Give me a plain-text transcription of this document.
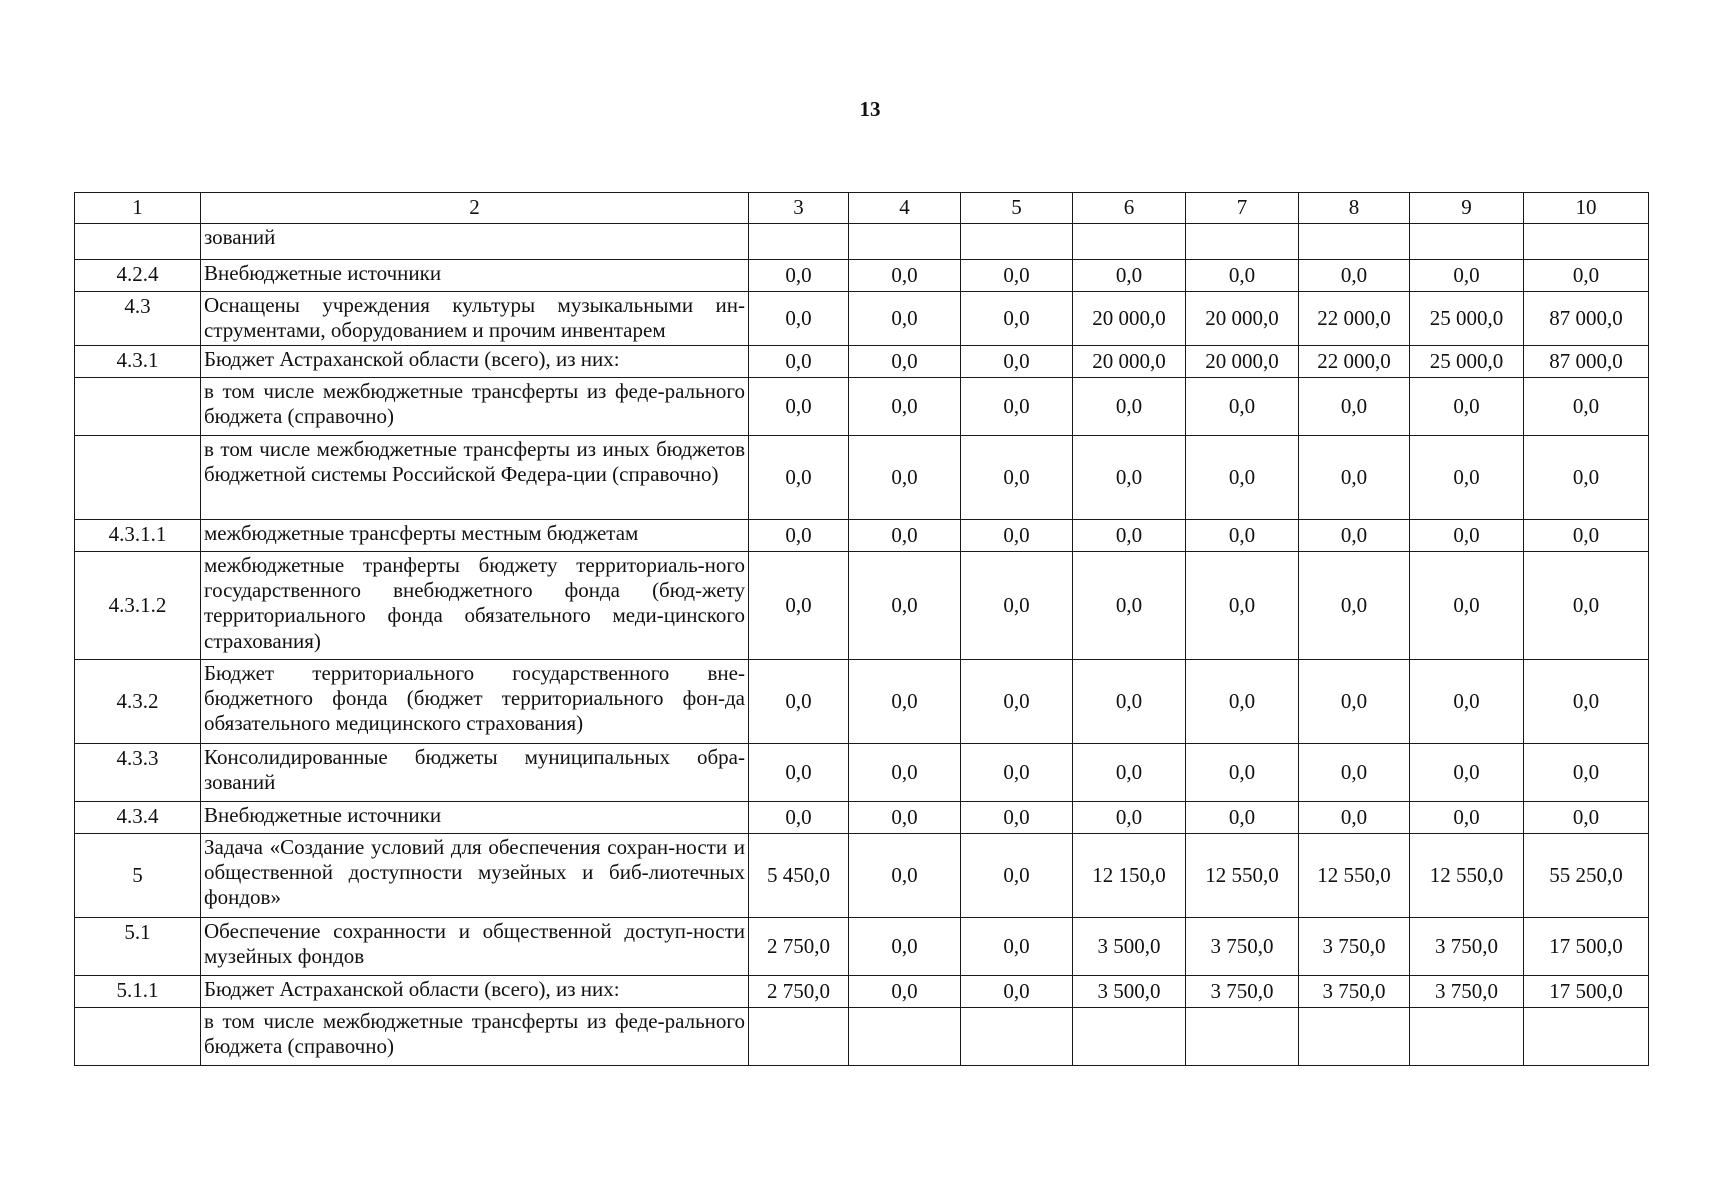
13
1	2	3	4	5	6	7	8	9	10
	зований								
4.2.4	Внебюджетные источники	0,0	0,0	0,0	0,0	0,0	0,0	0,0	0,0
4.3	Оснащены учреждения культуры музыкальными ин-струментами, оборудованием и прочим инвентарем	0,0	0,0	0,0	20 000,0	20 000,0	22 000,0	25 000,0	87 000,0
4.3.1	Бюджет Астраханской области (всего), из них:	0,0	0,0	0,0	20 000,0	20 000,0	22 000,0	25 000,0	87 000,0
	в том числе межбюджетные трансферты из феде-рального бюджета (справочно)	0,0	0,0	0,0	0,0	0,0	0,0	0,0	0,0
	в том числе межбюджетные трансферты из иных бюджетов бюджетной системы Российской Федера-ции (справочно)	0,0	0,0	0,0	0,0	0,0	0,0	0,0	0,0
4.3.1.1	межбюджетные трансферты местным бюджетам	0,0	0,0	0,0	0,0	0,0	0,0	0,0	0,0
4.3.1.2	межбюджетные транферты бюджету территориаль-ного государственного внебюджетного фонда (бюд-жету территориального фонда обязательного меди-цинского страхования)	0,0	0,0	0,0	0,0	0,0	0,0	0,0	0,0
4.3.2	Бюджет территориального государственного вне-бюджетного фонда (бюджет территориального фон-да обязательного медицинского страхования)	0,0	0,0	0,0	0,0	0,0	0,0	0,0	0,0
4.3.3	Консолидированные бюджеты муниципальных обра-зований	0,0	0,0	0,0	0,0	0,0	0,0	0,0	0,0
4.3.4	Внебюджетные источники	0,0	0,0	0,0	0,0	0,0	0,0	0,0	0,0
5	Задача «Создание условий для обеспечения сохран-ности и общественной доступности музейных и биб-лиотечных фондов»	5 450,0	0,0	0,0	12 150,0	12 550,0	12 550,0	12 550,0	55 250,0
5.1	Обеспечение сохранности и общественной доступ-ности музейных фондов	2 750,0	0,0	0,0	3 500,0	3 750,0	3 750,0	3 750,0	17 500,0
5.1.1	Бюджет Астраханской области (всего), из них:	2 750,0	0,0	0,0	3 500,0	3 750,0	3 750,0	3 750,0	17 500,0
	в том числе межбюджетные трансферты из феде-рального бюджета (справочно)								
